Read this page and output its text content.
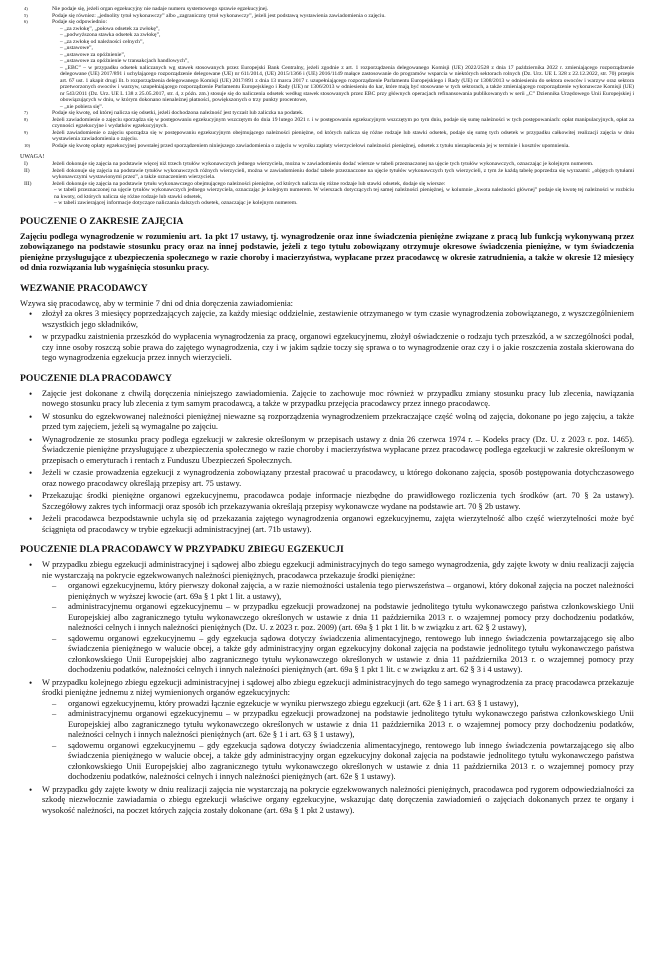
4)	Nie podaje się, jeżeli organ egzekucyjny nie nadaje numeru systemowego sprawie egzekucyjnej.
5)	Podaje się równiez: „jednolity tytuł wykonawczy” albo „zagraniczny tytuł wykonawczy”, jeżeli jest podstawą wystawienia zawiadomienia o zajęciu.
6)	Podaje się odpowiednio:
– „za zwłokę”, „połowa odsetek za zwłokę”,
– „podwyższona stawka odsetek za zwłokę”,
– „za zwłokę od należności celnych”,
– „ustawowe”,
– „ustawowe za opóźnienie”,
– „ustawowe za opóźnienie w transakcjach handlowych”,
– „EBC” – w przypadku odsetek naliczanych wg stawek stosowanych przez Europejski Bank Centralny, jeżeli zgodnie z art. 1 rozporządzenia delegowanego Komisji (UE) 2022/2528 z dnia 17 października 2022 r. zmieniającego rozporządzenie delegowane (UE) 2017/891 i uchylającego rozporządzenie delegowane (UE) nr 611/2014, (UE) 2015/1366 i (UE) 2016/1149 małące zastosowanie do programów wsparcia w niektórych sektorach rolnych (Dz. Urz. UE L 328 z 22.12.2022, str. 70) przepis art. 67 ust. 1 akapit drugi lit. b rozporządzenia delegowanego Komisji (UE) 2017/891 z dnia 13 marca 2017 r. uzupełniającego rozporządzenie Parlamentu Europejskiego i Rady (UE) nr 1308/2013 w odniesieniu do sektora owoców i warzyw oraz sektora przetworzonych owoców i warzyw, uzupełniającego rozporządzenie Parlamentu Europejskiego i Rady (UE) nr 1306/2013 w odniesieniu do kar, które mają być stosowane w tych sektorach, a także zmieniającego rozporządzenie wykonawcze Komisji (UE) nr 543/2011 (Dz. Urz. UE L 138 z 25.05.2017, str. 4, z późn. zm.) stosuje się do naliczenia odsetek według stawek stosowanych przez EBC przy głównych operacjach refinansowania publikowanych w serii „C” Dziennika Urzędowego Unii Europejskiej i obowiązujących w dniu, w którym dokonano nienależnej płatności, powiększonych o trzy punkty procentowe,
– „nie pobiera się”.
7)	Podaje się kwotę, od której nalicza się odsetki, jeżeli dochodzona należność jest tyczaśt lub zaliczka na podatek.
8)	Jeżeli zawiadomienie o zajęciu sporządza się w postępowaniu egzekucyjnym wszczętym do dnia 19 lutego 2021 r. i w postępowaniu egzekucyjnym wszczętym po tym dniu, podaje się sumę należności w tych postępowaniach: opłat manipulacyjnych, opłat za czynności egzekucyjne i wydatków egzekucyjnych.
9)	Jeżeli zawiadomienie o zajęciu sporządza się w postępowaniu egzekucyjnym obejmującego należności pieniężne, od których nalicza się różne rodzaje lub stawki odsetek, podaje się sumę tych odsetek w przypadku całkowitej realizacji zajęcia w dniu wystawienia zawiadomienia o zajęciu.
10)	Podaje się kwotę opłaty egzekucyjnej powstałej przed sporządzeniem niniejszego zawiadomienia o zajęciu w wyniku zapłaty wierzycielowi należności pieniężnej, odsetek z tytułu niezapłacenia jej w terminie i kosztów upomnienia.
UWAGA!
I)	Jeżeli dokonuje się zajęcia na podstawie więcej niż trzech tytułów wykonawczych jednego wierzyciela, można w zawiadomieniu dodać wiersze w tabeli przeznaczonej na ujęcie tych tytułów wykonawczych, oznaczając je kolejnym numerem.
II)	Jeżeli dokonuje się zajęcia na podstawie tytułów wykonawczych różnych wierzycieli, można w zawiadomieniu dodać tabele przeznaczone na ujęcie tytułów wykonawczych tych wierzycieli, z tym że każdą tabelę poprzedza się wyrazami: „objętych tytułami wykonawczymi wystawionymi przez”, a także oznaczeniem wierzyciela.
III)	Jeżeli dokonuje się zajęcia na podstawie tytułu wykonawczego obejmującego należności pieniężne, od których nalicza się różne rodzaje lub stawki odsetek, dodaje się wiersze:
– w tabeli przeznaczonej na ujęcie tytułów wykonawczych jednego wierzyciela, oznaczając je kolejnym numerem. W wierszach dotyczących tej samej należności pieniężnej, w kolumnie „kwota należności głównej” podaje się kwotę tej należności w rozbiciu na kwoty, od których nalicza się różne rodzaje lub stawki odsetek,
– w tabeli zawierającej informacje dotyczące naliczania dalszych odsetek, oznaczając je kolejnym numerem.
POUCZENIE O ZAKRESIE ZAJĘCIA

Zajęciu podlega wynagrodzenie w rozumieniu art. 1a pkt 17 ustawy, tj. wynagrodzenie oraz inne świadczenia pieniężne związane z pracą lub funkcją wykonywaną przez zobowiązanego na podstawie stosunku pracy oraz na innej podstawie, jeżeli z tego tytułu zobowiązany otrzymuje okresowe świadczenia pieniężne, w tym świadczenia pieniężne przysługujące z ubezpieczenia społecznego w razie choroby i macierzyństwa, wypłacane przez pracodawcę w okresie zatrudnienia, a także w okresie 12 miesięcy od dnia rozwiązania lub wygaśnięcia stosunku pracy.

WEZWANIE PRACODAWCY

Wzywa się pracodawcę, aby w terminie 7 dni od dnia doręczenia zawiadomienia:

• złożył za okres 3 miesięcy poprzedzających zajęcie, za każdy miesiąc oddzielnie, zestawienie otrzymanego w tym czasie wynagrodzenia zobowiązanego, z wyszczególnieniem wszystkich jego składników,
• w przypadku zaistnienia przeszkód do wypłacenia wynagrodzenia za pracę, organowi egzekucyjnemu, złożył oświadczenie o rodzaju tych przeszkód, a w szczególności podał, czy inne osoby roszczą sobie prawa do zajętego wynagrodzenia, czy i w jakim sądzie toczy się sprawa o to wynagrodzenie oraz czy i o jakie roszczenia została skierowana do tego wynagrodzenia egzekucja przez innych wierzycieli.
POUCZENIE DLA PRACODAWCY
• Zajęcie jest dokonane z chwilą doręczenia niniejszego zawiadomienia. Zajęcie to zachowuje moc również w przypadku zmiany stosunku pracy lub zlecenia, nawiązania nowego stosunku pracy lub zlecenia z tym samym pracodawcą, a także w przypadku przejęcia pracodawcy przez innego pracodawcę.
• W stosunku do egzekwowanej należności pieniężnej niewazne są rozporządzenia wynagrodzeniem przekraczające część wolną od zajęcia, dokonane po jego zajęciu, a także przed tym zajęciem, jeżeli są wymagalne po zajęciu.
• Wynagrodzenie ze stosunku pracy podlega egzekucji w zakresie określonym w przepisach ustawy z dnia 26 czerwca 1974 r. – Kodeks pracy (Dz. U. z 2023 r. poz. 1465). Świadczenie pieniężne przysługujące z ubezpieczenia społecznego w razie choroby i macierzyństwa wypłacane przez pracodawcę podlega egzekucji w zakresie określonym w przepisach o emeryturach i rentach z Funduszu Ubezpieczeń Społecznych.
• Jeżeli w czasie prowadzenia egzekucji z wynagrodzenia zobowiązany przestał pracować u pracodawcy, u którego dokonano zajęcia, sposób postępowania dotychczasowego oraz nowego pracodawcy określają przepisy art. 75 ustawy.
• Przekazując środki pieniężne organowi egzekucyjnemu, pracodawca podaje informacje niezbędne do prawidłowego rozliczenia tych środków (art. 70 § 2a ustawy). Szczegółowy zakres tych informacji oraz sposób ich przekazywania określają przepisy wykonawcze wydane na podstawie art. 70 § 2b ustawy.
• Jeżeli pracodawca bezpodstawnie uchyla się od przekazania zajętego wynagrodzenia organowi egzekucyjnemu, zajęta wierzytelność albo część wierzytelności może być ściągnięta od pracodawcy w trybie egzekucji administracyjnej (art. 71b ustawy).
POUCZENIE DLA PRACODAWCY W PRZYPADKU ZBIEGU EGZEKUCJI
• W przypadku zbiegu egzekucji administracyjnej i sądowej albo zbiegu egzekucji administracyjnych do tego samego wynagrodzenia, gdy zajęte kwoty w dniu realizacji zajęcia nie wystarczają na pokrycie egzekwowanych należności pieniężnych, pracodawca przekazuje środki pieniężne:
– organowi egzekucyjnemu, który pierwszy dokonał zajęcia, a w razie niemożności ustalenia tego pierwszeństwa – organowi, który dokonał zajęcia na poczet należności pieniężnych w wyższej kwocie (art. 69a § 1 pkt 1 lit. a ustawy),
– administracyjnemu organowi egzekucyjnemu – w przypadku egzekucji prowadzonej na podstawie jednolitego tytułu wykonawczego państwa członkowskiego Unii Europejskiej albo zagranicznego tytułu wykonawczego określonych w ustawie z dnia 11 października 2013 r. o wzajemnej pomocy przy dochodzeniu podatków, należności celnych i innych należności pieniężnych (Dz. U. z 2023 r. poz. 2009) (art. 69a § 1 pkt 1 lit. b w związku z art. 62 § 2 ustawy),
– sądowemu organowi egzekucyjnemu – gdy egzekucja sądowa dotyczy świadczenia alimentacyjnego, rentowego lub innego świadczenia powtarzającego się albo świadczenia pieniężnego w walucie obcej, a także gdy administracyjny organ egzekucyjny dokonał zajęcia na podstawie jednolitego tytułu wykonawczego państwa członkowskiego Unii Europejskiej albo zagranicznego tytułu wykonawczego określonych w ustawie z dnia 11 października 2013 r. o wzajemnej pomocy przy dochodzeniu podatków, należności celnych i innych należności pieniężnych (art. 69a § 1 pkt 1 lit. c w związku z art. 62 § 3 i 4 ustawy).
• W przypadku kolejnego zbiegu egzekucji administracyjnej i sądowej albo zbiegu egzekucji administracyjnych do tego samego wynagrodzenia za pracę pracodawca przekazuje środki pieniężne jednemu z niżej wymienionych organów egzekucyjnych:
– organowi egzekucyjnemu, który prowadzi łącznie egzekucje w wyniku pierwszego zbiegu egzekucji (art. 62e § 1 i art. 63 § 1 ustawy),
– administracyjnemu organowi egzekucyjnemu – w przypadku egzekucji prowadzonej na podstawie jednolitego tytułu wykonawczego państwa członkowskiego Unii Europejskiej albo zagranicznego tytułu wykonawczego określonych w ustawie z dnia 11 października 2013 r. o wzajemnej pomocy przy dochodzeniu podatków, należności celnych i innych należności pieniężnych (art. 62e § 1 i art. 63 § 1 ustawy),
– sądowemu organowi egzekucyjnemu – gdy egzekucja sądowa dotyczy świadczenia alimentacyjnego, rentowego lub innego świadczenia powtarzającego się albo świadczenia pieniężnego w walucie obcej, a także gdy administracyjny organ egzekucyjny dokonał zajęcia na podstawie jednolitego tytułu wykonawczego państwa członkowskiego Unii Europejskiej albo zagranicznego tytułu wykonawczego określonych w ustawie z dnia 11 października 2013 r. o wzajemnej pomocy przy dochodzeniu podatków, należności celnych i innych należności pieniężnych (art. 62e § 1 ustawy).
• W przypadku gdy zajęte kwoty w dniu realizacji zajęcia nie wystarczają na pokrycie egzekwowanych należności pieniężnych, pracodawca pod rygorem odpowiedzialności za szkodę niezwłocznie zawiadamia o zbiegu egzekucji właściwe organy egzekucyjne, wskazując datę doręczenia zawiadomień o zajęciach dokonanych przez te organy i wysokość należności, na poczet których zajęcia zostały dokonane (art. 69a § 1 pkt 2 ustawy).
